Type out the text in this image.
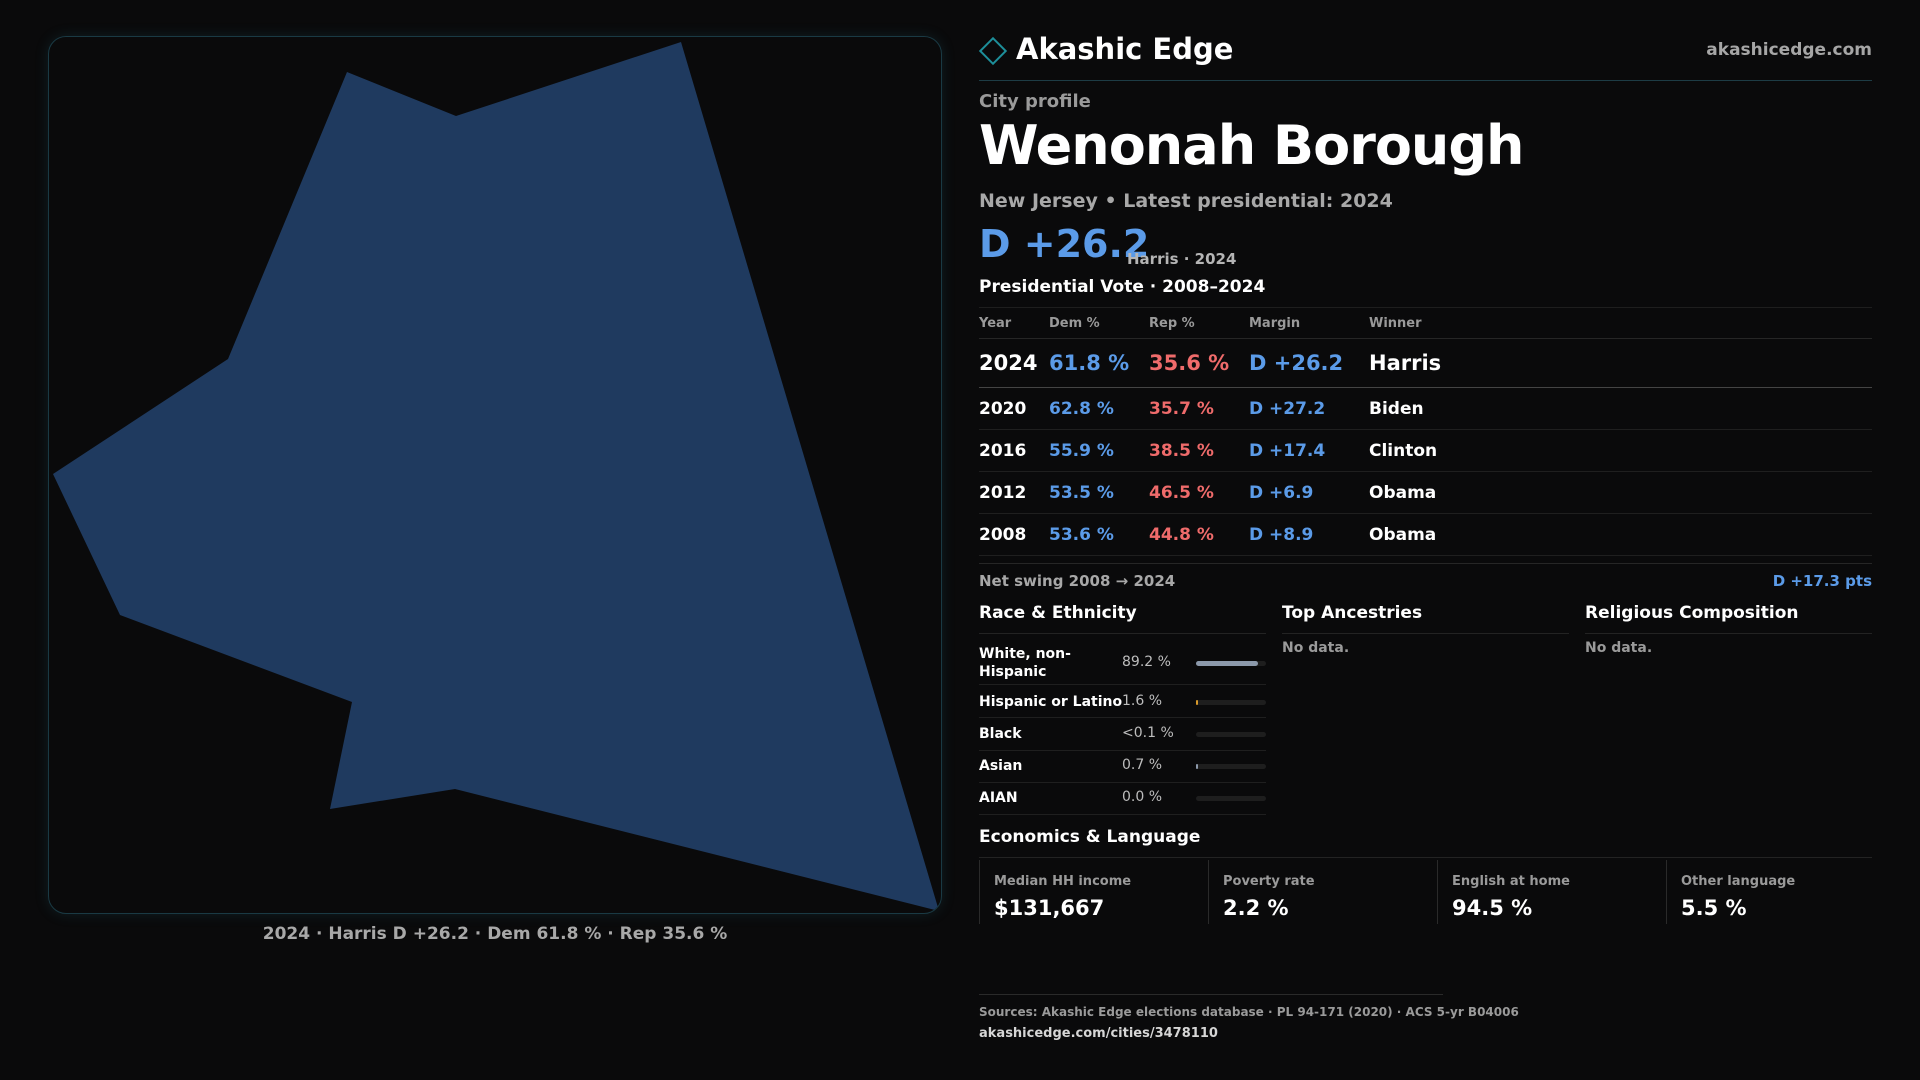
2024 · Harris D +26.2 · Dem 61.8 % · Rep 35.6 %
Akashic Edge	akashicedge.com
City profile
Wenonah Borough
New Jersey • Latest presidential: 2024
D +26.2
Harris · 2024
Presidential Vote · 2008–2024
Year	Dem %	Rep %	Margin	Winner
2024	61.8 %	35.6 %	D +26.2	Harris
2020	62.8 %	35.7 %	D +27.2	Biden
2016	55.9 %	38.5 %	D +17.4	Clinton
2012	53.5 %	46.5 %	D +6.9	Obama
2008	53.6 %	44.8 %	D +8.9	Obama
Net swing 2008 → 2024	D +17.3 pts
Race & Ethnicity
White, non-Hispanic
89.2 %
Hispanic or Latino 1.6 %
Black	<0.1 %
Asian	0.7 %
AIAN	0.0 %
Top Ancestries
No data.
Religious Composition
No data.
Economics & Language
Median HH income
$131,667
Poverty rate
2.2 %
English at home
94.5 %
Other language
5.5 %
Sources: Akashic Edge elections database · PL 94-171 (2020) · ACS 5-yr B04006
akashicedge.com/cities/3478110
